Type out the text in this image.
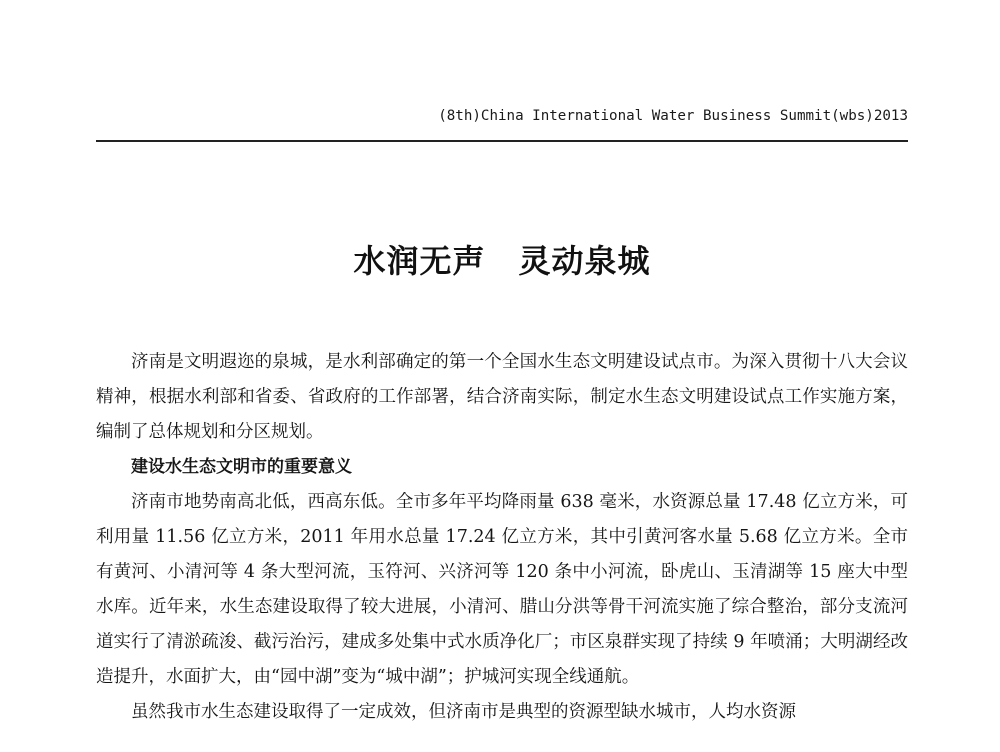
(8th)China International Water Business Summit(wbs)2013
水润无声　灵动泉城

济南是文明遐迩的泉城，是水利部确定的第一个全国水生态文明建设试点市。为深入贯彻十八大会议精神，根据水利部和省委、省政府的工作部署，结合济南实际，制定水生态文明建设试点工作实施方案，编制了总体规划和分区规划。

建设水生态文明市的重要意义

济南市地势南高北低，西高东低。全市多年平均降雨量 638 毫米，水资源总量 17.48 亿立方米，可利用量 11.56 亿立方米，2011 年用水总量 17.24 亿立方米，其中引黄河客水量 5.68 亿立方米。全市有黄河、小清河等 4 条大型河流，玉符河、兴济河等 120 条中小河流，卧虎山、玉清湖等 15 座大中型水库。近年来，水生态建设取得了较大进展，小清河、腊山分洪等骨干河流实施了综合整治，部分支流河道实行了清淤疏浚、截污治污，建成多处集中式水质净化厂；市区泉群实现了持续 9 年喷涌；大明湖经改造提升，水面扩大，由“园中湖”变为“城中湖”；护城河实现全线通航。

虽然我市水生态建设取得了一定成效，但济南市是典型的资源型缺水城市，人均水资源
